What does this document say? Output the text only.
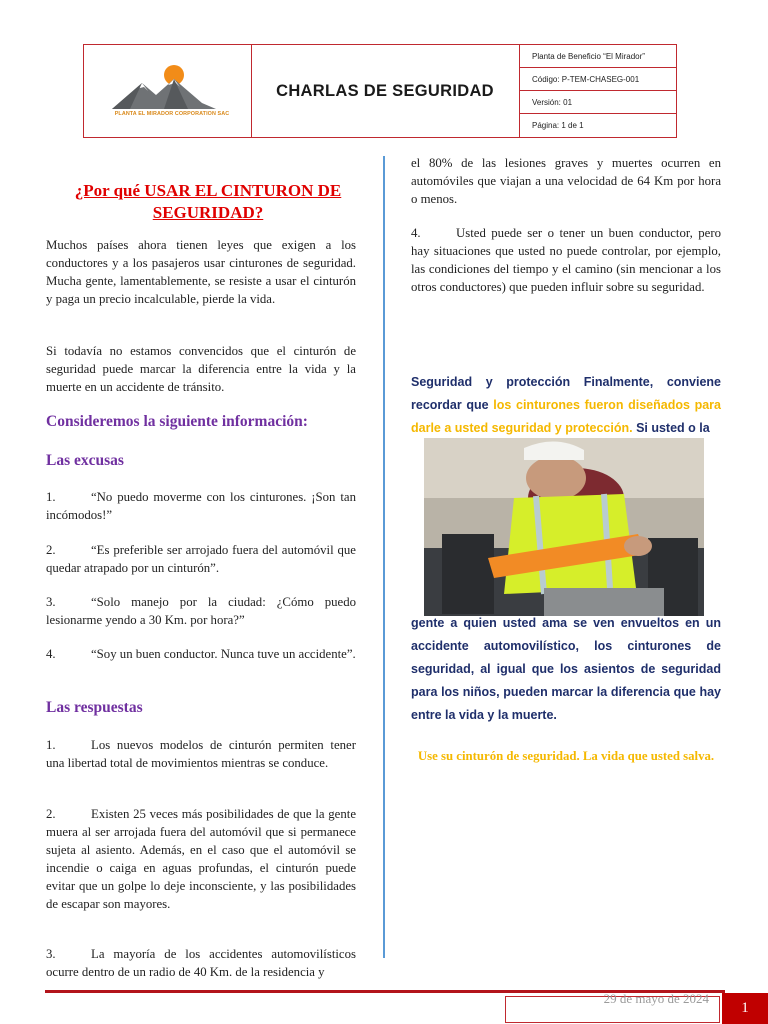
PLANTA EL MIRADOR CORPORATION SAC
CHARLAS DE SEGURIDAD
Planta de Beneficio “El Mirador”
Código: P-TEM-CHASEG-001
Versión: 01
Página: 1 de 1
¿Por qué USAR EL CINTURON DE SEGURIDAD?
Muchos países ahora tienen leyes que exigen a los conductores y a los pasajeros usar cinturones de seguridad. Mucha gente, lamentablemente, se resiste a usar el cinturón y paga un precio incalculable, pierde la vida.
Si todavía no estamos convencidos que el cinturón de seguridad puede marcar la diferencia entre la vida y la muerte en un accidente de tránsito.
Consideremos la siguiente información:
Las excusas
1.	“No puedo moverme con los cinturones. ¡Son tan incómodos!”
2.	“Es preferible ser arrojado fuera del automóvil que quedar atrapado por un cinturón”.
3.	“Solo manejo por la ciudad: ¿Cómo puedo lesionarme yendo a 30 Km. por hora?”
4.	“Soy un buen conductor. Nunca tuve un accidente”.
Las respuestas
1.	Los nuevos modelos de cinturón permiten tener una libertad total de movimientos mientras se conduce.
2.	Existen 25 veces más posibilidades de que la gente muera al ser arrojada fuera del automóvil que si permanece sujeta al asiento. Además, en el caso que el automóvil se incendie o caiga en aguas profundas, el cinturón puede evitar que un golpe lo deje inconsciente, y las posibilidades de escapar son mayores.
3.	La mayoría de los accidentes automovilísticos ocurre dentro de un radio de 40 Km. de la residencia y
el 80% de las lesiones graves y muertes ocurren en automóviles que viajan a una velocidad de 64 Km por hora o menos.
4.	Usted puede ser o tener un buen conductor, pero hay situaciones que usted no puede controlar, por ejemplo, las condiciones del tiempo y el camino (sin mencionar a los otros conductores) que pueden influir sobre su seguridad.
Seguridad y protección Finalmente, conviene recordar que los cinturones fueron diseñados para darle a usted seguridad y protección. Si usted o la
gente a quien usted ama se ven envueltos en un accidente automovilístico, los cinturones de seguridad, al igual que los asientos de seguridad para los niños, pueden marcar la diferencia que hay entre la vida y la muerte.
Use su cinturón de seguridad. La vida que usted salva.
29 de mayo de 2024
1
